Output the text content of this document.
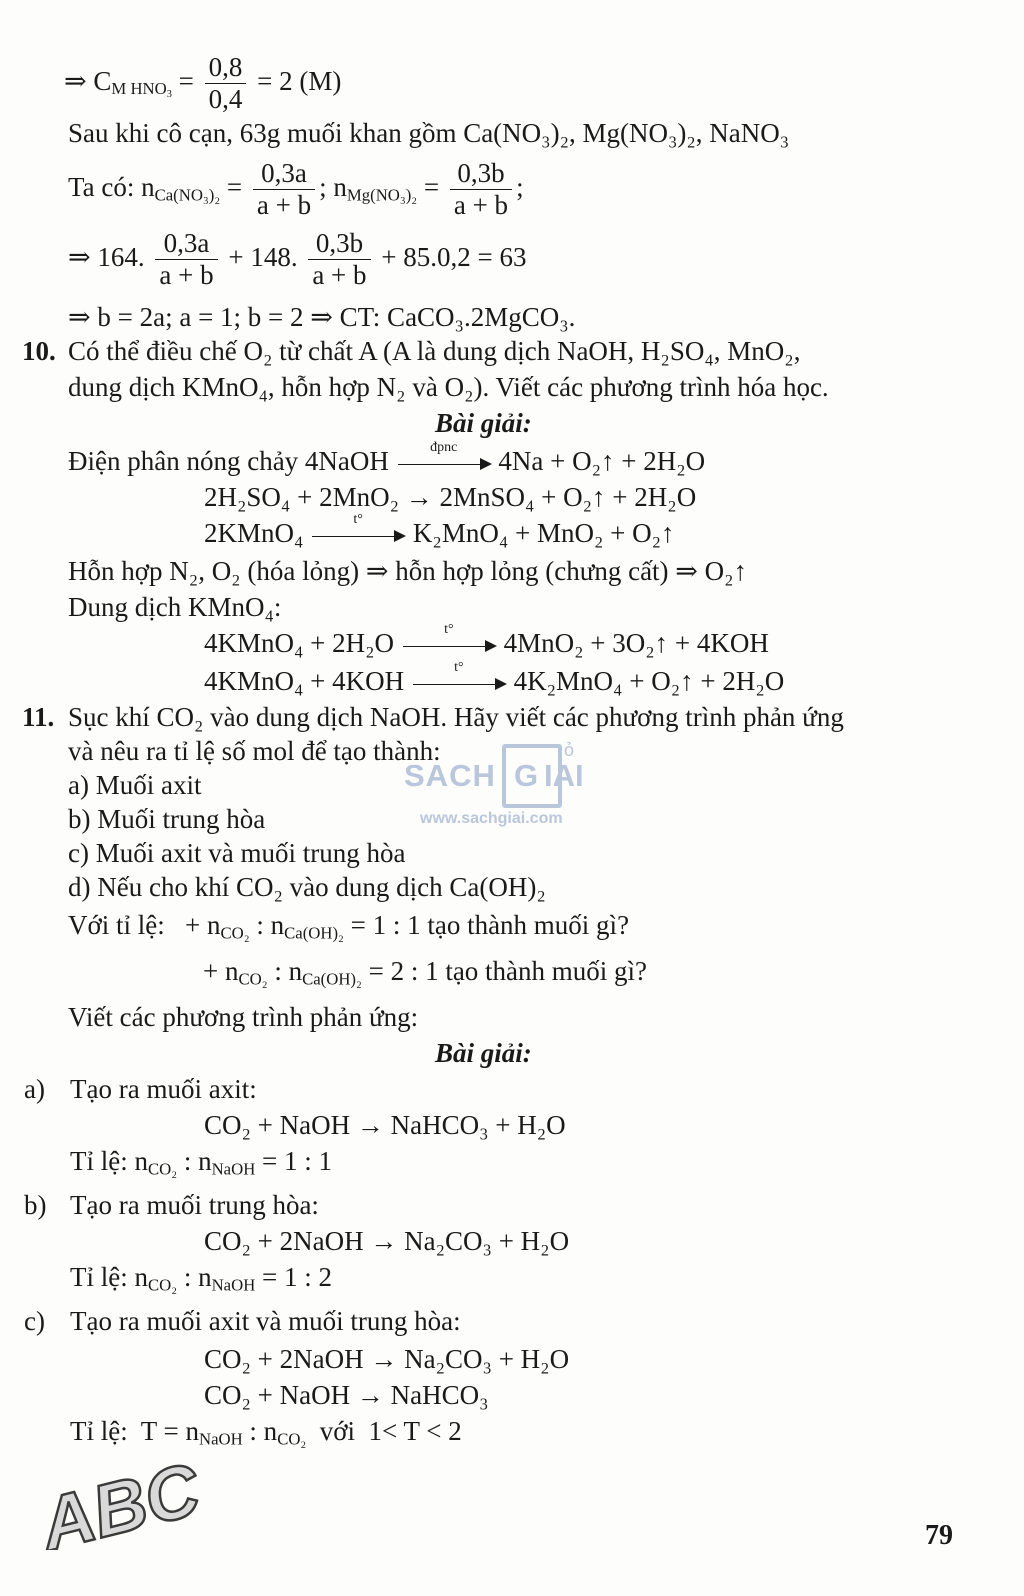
⇒ $C_{M HNO_3} = \frac{0,8}{0,4} = 2$ (M)
Sau khi cô cạn, 63g muối khan gồm Ca(NO₃)₂, Mg(NO₃)₂, NaNO₃
Ta có: $n_{Ca(NO_3)_2} = \frac{0,3a}{a + b}$ ; $n_{Mg(NO_3)_2} = \frac{0,3b}{a + b}$ ;
⇒ 164. $\frac{0,3a}{a + b} + 148$. $\frac{0,3b}{a + b} + 85.0,2 = 63$
⇒ b = 2a; a = 1; b = 2 ⇒ CT: CaCO₃.2MgCO₃.
10. Có thể điều chế O₂ từ chất A (A là dung dịch NaOH, H₂SO₄, MnO₂,
dung dịch KMnO₄, hỗn hợp N₂ và O₂). Viết các phương trình hóa học.
Bài giải:
Điện phân nóng chảy 4NaOH	đpnc	4Na + O₂↑ + 2H₂O
2H₂SO₄ + 2MnO₂ → 2MnSO₄ + O₂↑ + 2H₂O
2KMnO₄	t°	K₂MnO₄ + MnO₂ + O₂↑
Hỗn hợp N₂, O₂ (hóa lỏng) ⇒ hỗn hợp lỏng (chưng cất) ⇒ O₂↑
Dung dịch KMnO₄:
4KMnO₄ + 2H₂O	t°	4MnO₂ + 3O₂↑ + 4KOH
4KMnO₄ + 4KOH	t°	4K₂MnO₄ + O₂↑ + 2H₂O
11. Sục khí CO₂ vào dung dịch NaOH. Hãy viết các phương trình phản ứng
và nêu ra tỉ lệ số mol để tạo thành:
a) Muối axit
b) Muối trung hòa
c) Muối axit và muối trung hòa
d) Nếu cho khí CO₂ vào dung dịch Ca(OH)₂
Với tỉ lệ:   + $n_{CO_2}$ : $n_{Ca(OH)_2} = 1$ : 1 tạo thành muối gì?
+ $n_{CO_2}$ : $n_{Ca(OH)_2} = 2$ : 1 tạo thành muối gì?
Viết các phương trình phản ứng:
Bài giải:
a) Tạo ra muối axit:
CO₂ + NaOH → NaHCO₃ + H₂O
Tỉ lệ: $n_{CO_2}$ : $n_{NaOH} = 1$ : 1
b) Tạo ra muối trung hòa:
CO₂ + 2NaOH → Na₂CO₃ + H₂O
Tỉ lệ: $n_{CO_2}$ : $n_{NaOH} = 1$ : 2
c) Tạo ra muối axit và muối trung hòa:
CO₂ + 2NaOH → Na₂CO₃ + H₂O
CO₂ + NaOH → NaHCO₃
Tỉ lệ:  $T = n_{NaOH}$ : $n_{CO_2}$  với  1< T < 2
SACH G IAI
ỏ
www.sachgiai.com
ABC	79
